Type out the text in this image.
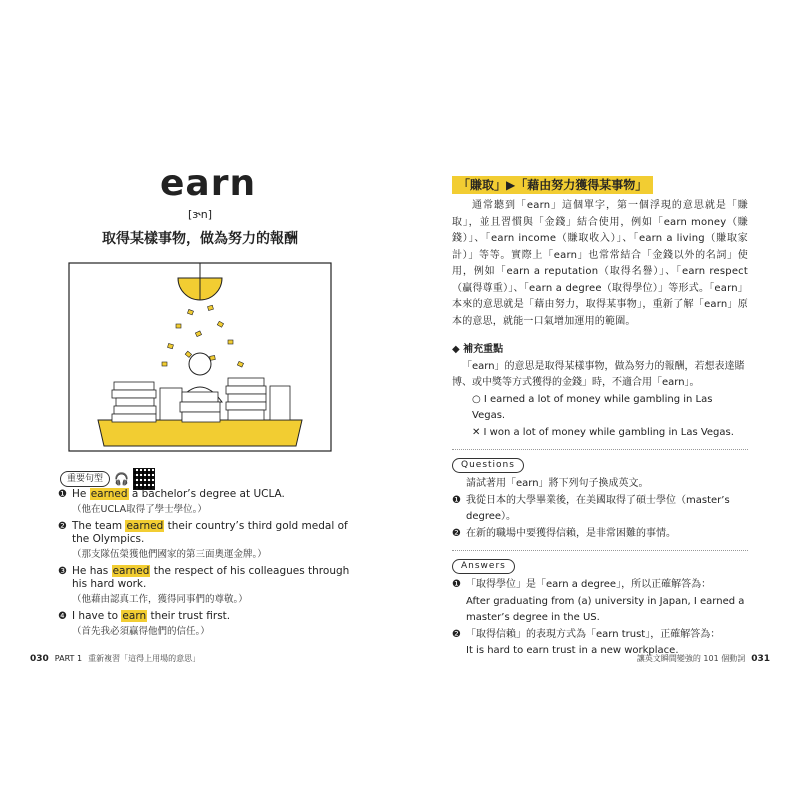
earn
[ɝn]
取得某樣事物，做為努力的報酬
重要句型 🎧
❶ He earned a bachelor’s degree at UCLA.
（他在UCLA取得了學士學位。）
❷ The team earned their country’s third gold medal of the Olympics.
（那支隊伍榮獲他們國家的第三面奧運金牌。）
❸ He has earned the respect of his colleagues through his hard work.
（他藉由認真工作，獲得同事們的尊敬。）
❹ I have to earn their trust first.
（首先我必須贏得他們的信任。）
030 PART 1 重新複習「這得上用場的意思」
「賺取」▶「藉由努力獲得某事物」
通常聽到「earn」這個單字，第一個浮現的意思就是「賺取」，並且習慣與「金錢」結合使用，例如「earn money（賺錢）」、「earn income（賺取收入）」、「earn a living（賺取家計）」等等。實際上「earn」也常常結合「金錢以外的名詞」使用，例如「earn a reputation（取得名譽）」、「earn respect（贏得尊重）」、「earn a degree（取得學位）」等形式。「earn」本來的意思就是「藉由努力，取得某事物」，重新了解「earn」原本的意思，就能一口氣增加運用的範圍。
◆ 補充重點
「earn」的意思是取得某樣事物，做為努力的報酬，若想表達賭博、或中獎等方式獲得的金錢」時，不適合用「earn」。
○ I earned a lot of money while gambling in Las Vegas.
✕ I won a lot of money while gambling in Las Vegas.
Questions
請試著用「earn」將下列句子換成英文。
❶ 我從日本的大學畢業後，在美國取得了碩士學位（master’s degree）。
❷ 在新的職場中要獲得信賴，是非常困難的事情。
Answers
❶ 「取得學位」是「earn a degree」，所以正確解答為：
After graduating from (a) university in Japan, I earned a master’s degree in the US.
❷ 「取得信賴」的表現方式為「earn trust」，正確解答為：
It is hard to earn trust in a new workplace.
讓英文瞬間變強的 101 個動詞 031
